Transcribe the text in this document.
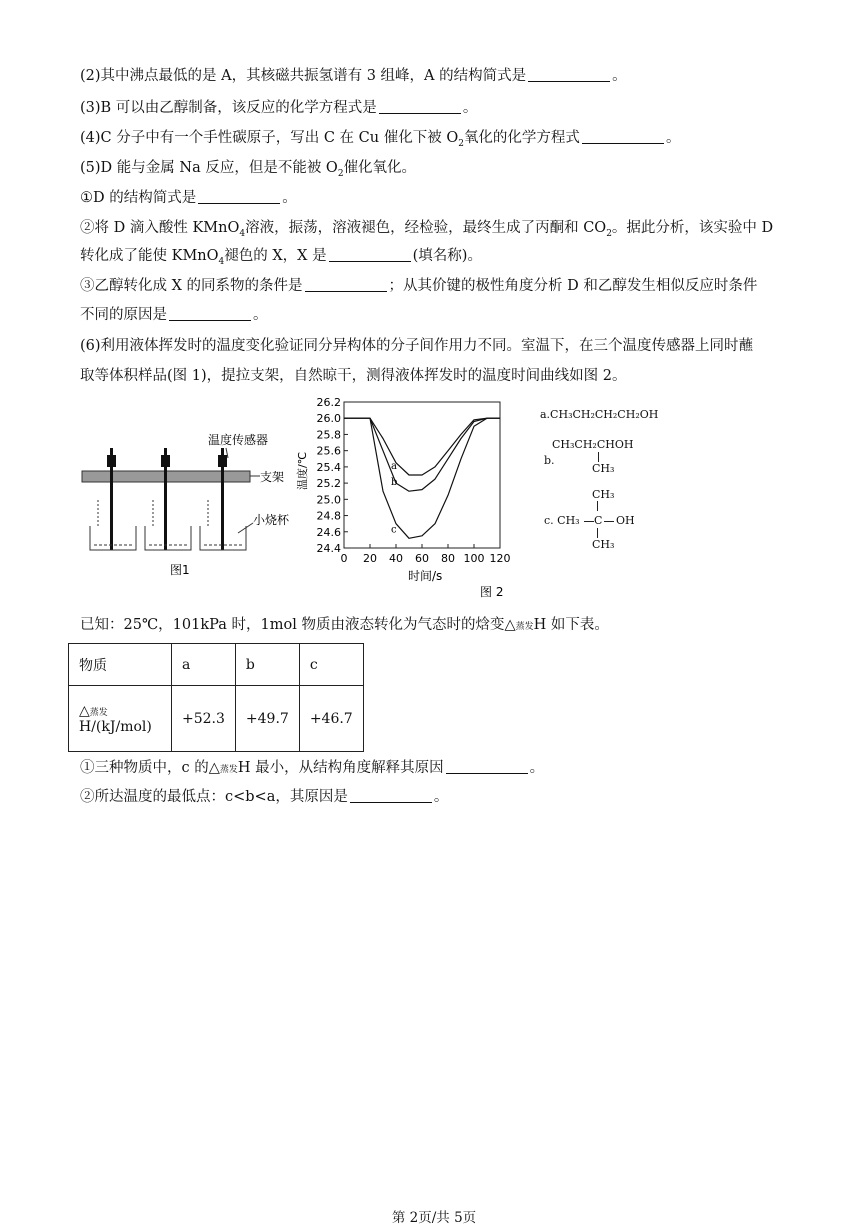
(2)其中沸点最低的是 A，其核磁共振氢谱有 3 组峰，A 的结构简式是	。
(3)B 可以由乙醇制备，该反应的化学方程式是	。
(4)C 分子中有一个手性碳原子，写出 C 在 Cu 催化下被 $O_2$氧化的化学方程式	。
(5)D 能与金属 Na 反应，但是不能被 $O_2$催化氧化。
①D 的结构简式是	。
②将 D 滴入酸性 KMnO$_4$溶液，振荡，溶液褪色，经检验，最终生成了丙酮和 $CO_2$。据此分析，该实验中 D
转化成了能使 KMnO$_4$褪色的 X，X 是	(填名称)。
③乙醇转化成 X 的同系物的条件是	；从其价键的极性角度分析 D 和乙醇发生相似反应时条件
不同的原因是	。
(6)利用液体挥发时的温度变化验证同分异构体的分子间作用力不同。室温下，在三个温度传感器上同时蘸
取等体积样品(图 1)，提拉支架，自然晾干，测得液体挥发时的温度时间曲线如图 2。
支架
温度传感器
小烧杯
图1
26.2
26.0
25.8
25.6
25.4
25.2
25.0
24.8
24.6
24.4
0 20 40 60 80 100 120
a
b
c
温度/℃
时间/s
图 2
a.CH₃CH₂CH₂CH₂OH
CH₃CH₂CHOH
b.
CH₃
CH₃
c. CH₃ C OH
CH₃
已知：25℃，101kPa 时，1mol 物质由液态转化为气态时的焓变△蒸发H 如下表。
物质	a	b	c
△蒸发
H/(kJ/mol)	+52.3	+49.7	+46.7
①三种物质中，c 的△蒸发H 最小，从结构角度解释其原因	。
②所达温度的最低点：c<b<a，其原因是	。
第 2页/共 5页
